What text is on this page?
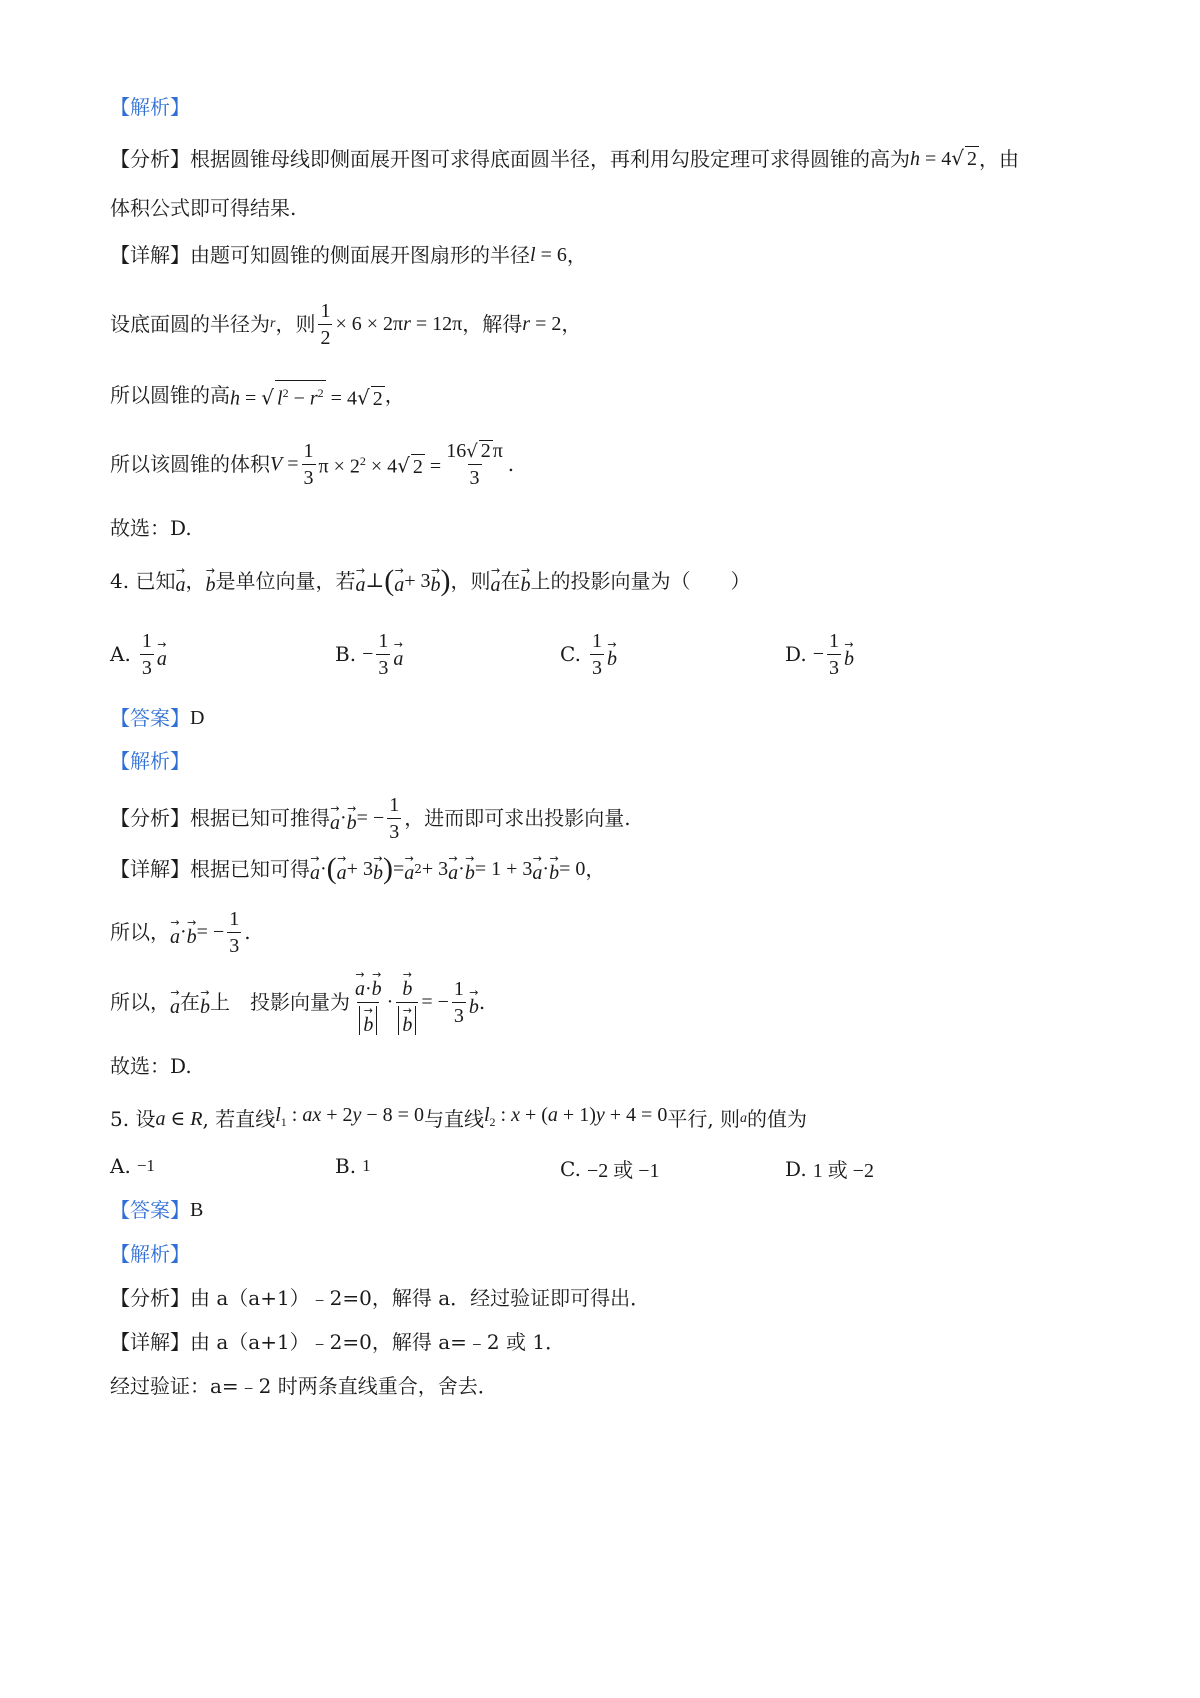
【解析】
【分析】 根据圆锥母线即侧面展开图可求得底面圆半径，再利用勾股定理可求得圆锥的高为 h = 4√ 2 ，由
体积公式即可得结果.
【详解】 由题可知圆锥的侧面展开图扇形的半径 l = 6 ，
设底面圆的半径为 r ，则 $\frac{1}{2} \times 6 \times 2\pi r = 12\pi$ ，解得 r = 2 ，
所以圆锥的高 h = √ $l^2 - r^2 = 4√$ 2 ，
所以该圆锥的体积 $V = \frac{1}{3}$ $\pi \times 2^2 \times 4√$ $2 = \frac{16√ 2 \pi}{3}$ .
故选：D.
4. 已知 →
a ， →
b 是单位向量，若 →
a ⊥ ( →
a + 3 →
b ) ，则 →
a 在 →
b 上的投影向量为（　　）
A. $\frac{1}{3}$ →
a	B. − $\frac{1}{3}$ →
a	C. $\frac{1}{3}$ →
b	D. − $\frac{1}{3}$ →
b
【答案】 D
【解析】
【分析】 根据已知可推得 →
a · →
b = − $\frac{1}{3}$ ，进而即可求出投影向量.
【详解】 根据已知可得 →
a · ( →
a + 3 →
b ) = →
a 2 + 3 →
a · →
b = 1 + 3 →
a · →
b = 0 ，
所以， →
a · →
b = − $\frac{1}{3}$ .
所以， →
a 在 →
b 上　投影向量为 →
a ·
→
b
→
b · →
b
→
b = − $\frac{1}{3}$ →
b .
故选：D.
5. 设 a ∈ R , 若直线 $l_1$ : ax + 2y − 8 = 0 与直线 $l_2$ : x + (a + 1)y + 4 = 0 平行, 则 a 的值为
A. −1	B. 1	C. −2 或 −1	D. 1 或 −2
【答案】 B
【解析】
【分析】 由 a（a+1）﹣2=0，解得 a．经过验证即可得出．
【详解】 由 a（a+1）﹣2=0，解得 a=﹣2 或 1．
经过验证：a=﹣2 时两条直线重合，舍去．
